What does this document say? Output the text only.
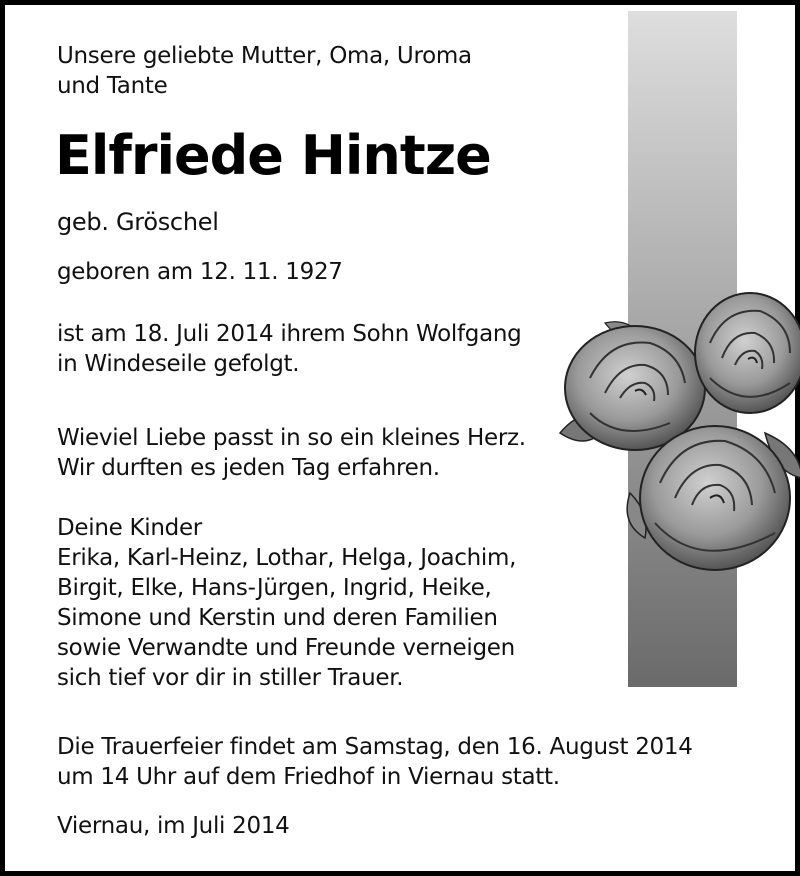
Unsere geliebte Mutter, Oma, Uroma
und Tante

Elfriede Hintze

geb. Gröschel

geboren am 12. 11. 1927

ist am 18. Juli 2014 ihrem Sohn Wolfgang
in Windeseile gefolgt.

Wieviel Liebe passt in so ein kleines Herz.
Wir durften es jeden Tag erfahren.

Deine Kinder
Erika, Karl-Heinz, Lothar, Helga, Joachim,
Birgit, Elke, Hans-Jürgen, Ingrid, Heike,
Simone und Kerstin und deren Familien
sowie Verwandte und Freunde verneigen
sich tief vor dir in stiller Trauer.

Die Trauerfeier findet am Samstag, den 16. August 2014
um 14 Uhr auf dem Friedhof in Viernau statt.

Viernau, im Juli 2014
